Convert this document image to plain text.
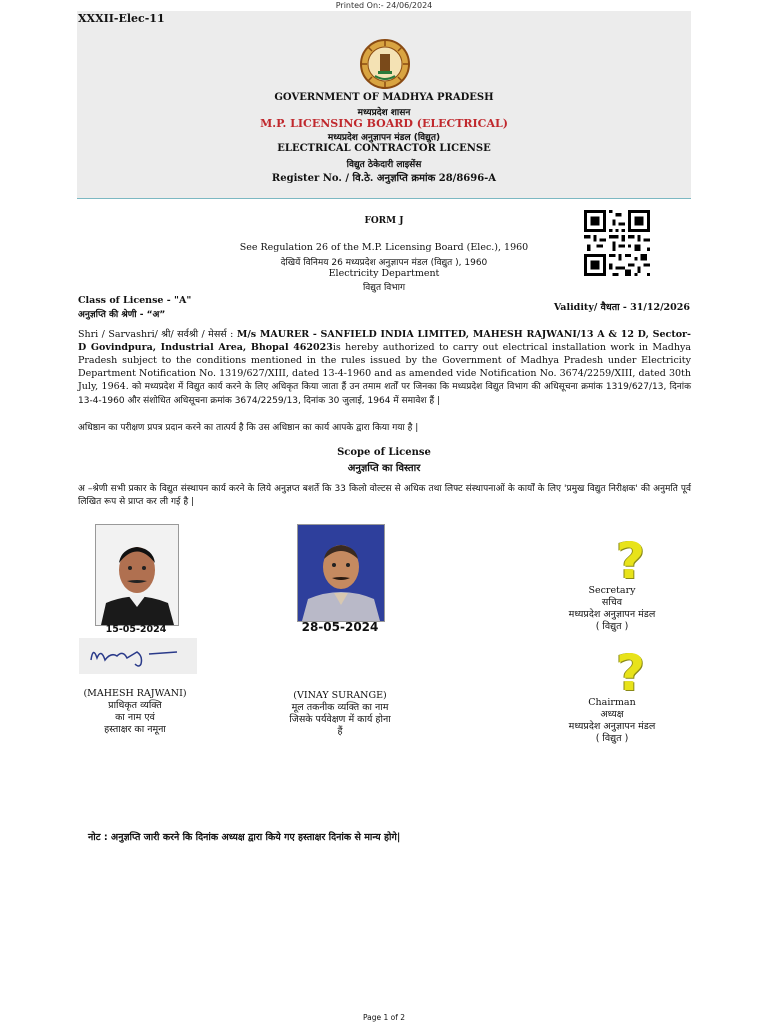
Printed On:- 24/06/2024
XXXII-Elec-11
GOVERNMENT OF MADHYA PRADESH
मध्यप्रदेश शासन
M.P. LICENSING BOARD (ELECTRICAL)
मध्यप्रदेश अनुज्ञापन मंडल (विद्युत)
ELECTRICAL CONTRACTOR LICENSE
विद्युत ठेकेदारी लाइसेंस
Register No. / वि.ठे. अनुज्ञप्ति क्रमांक 28/8696-A
FORM J
See Regulation 26 of the M.P. Licensing Board (Elec.), 1960
देखियें विनिमय 26 मध्यप्रदेश अनुज्ञापन मंडल (विद्युत ), 1960
Electricity Department
विद्युत विभाग
Class of License - "A"
अनुज्ञप्ति की श्रेणी - “अ”
Validity/ वैधता - 31/12/2026
Shri / Sarvashri/ श्री/ सर्वश्री / मेसर्स : M/s MAURER - SANFIELD INDIA LIMITED, MAHESH RAJWANI/13 A & 12 D, Sector- D Govindpura, Industrial Area, Bhopal 462023is hereby authorized to carry out electrical installation work in Madhya Pradesh subject to the conditions mentioned in the rules issued by the Government of Madhya Pradesh under Electricity Department Notification No. 1319/627/XIII, dated 13-4-1960 and as amended vide Notification No. 3674/2259/XIII, dated 30th July, 1964. को मध्यप्रदेश में विद्युत कार्य करने के लिए अधिकृत किया जाता हैं उन तमाम शर्तों पर जिनका कि मध्यप्रदेश विद्युत विभाग की अधिसूचना क्रमांक 1319/627/13, दिनांक 13-4-1960 और संशोधित अधिसूचना क्रमांक 3674/2259/13, दिनांक 30 जुलाई, 1964 में समावेश हैं |
अधिष्ठान का परीक्षण प्रपत्र प्रदान करने का तात्पर्य है कि उस अधिष्ठान का कार्य आपके द्वारा किया गया है |
Scope of License
अनुज्ञप्ति का विस्तार
अ –श्रेणी सभी प्रकार के विद्युत संस्थापन कार्य करने के लिये अनुज्ञप्त बशर्ते कि 33 किलो वोल्टस से अधिक तथा लिफ्ट संस्थापनाओं के कार्यों के लिए 'प्रमुख विद्युत निरीक्षक' की अनुमति पूर्व लिखित रूप से प्राप्त कर ली गई है |
15-05-2024
(MAHESH RAJWANI)
प्राधिकृत व्यक्ति
का नाम एवं
हस्ताक्षर का नमूना
28-05-2024
(VINAY SURANGE)
मूल तकनीक व्यक्ति का नाम
जिसके पर्यवेक्षण में कार्य होना
हैं
?
Secretary
सचिव
मध्यप्रदेश अनुज्ञापन मंडल
( विद्युत )
?
Chairman
अध्यक्ष
मध्यप्रदेश अनुज्ञापन मंडल
( विद्युत )
नोट : अनुज्ञप्ति जारी करने कि दिनांक अध्यक्ष द्वारा किये गए हस्ताक्षर दिनांक से मान्य होगे|
Page 1 of 2
